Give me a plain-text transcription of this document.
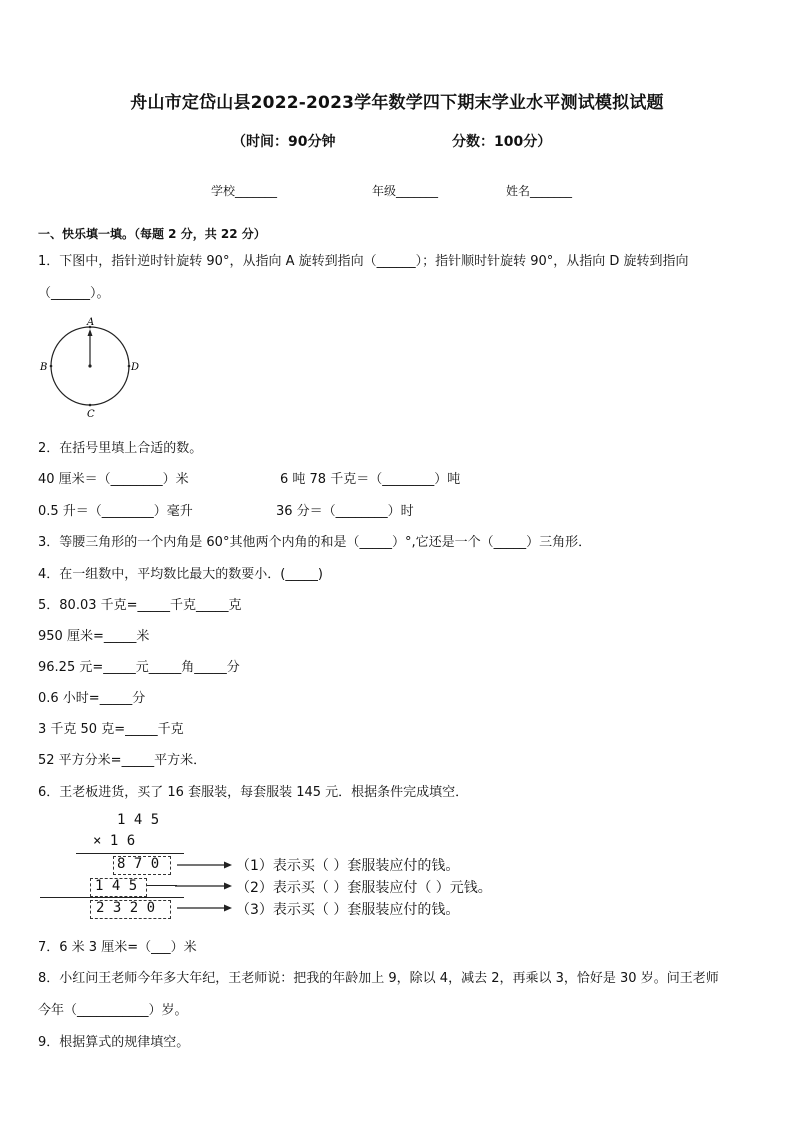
舟山市定岱山县2022-2023学年数学四下期末学业水平测试模拟试题
（时间：90分钟	分数：100分）
学校_______	年级_______	姓名_______
一、快乐填一填。（每题 2 分，共 22 分）
1．下图中，指针逆时针旋转 90°，从指向 A 旋转到指向（______）；指针顺时针旋转 90°，从指向 D 旋转到指向
（______）。
A
B
C
D
2．在括号里填上合适的数。
40 厘米＝（________）米	6 吨 78 千克＝（________）吨
0.5 升＝（________）毫升	36 分＝（________）时
3．等腰三角形的一个内角是 60°其他两个内角的和是（_____）°,它还是一个（_____）三角形．
4．在一组数中，平均数比最大的数要小．(_____)
5．80.03 千克=_____千克_____克
950 厘米=_____米
96.25 元=_____元_____角_____分
0.6 小时=_____分
3 千克 50 克=_____千克
52 平方分米=_____平方米．
6．王老板进货，买了 16 套服装，每套服装 145 元．根据条件完成填空．
1 4 5
× 1 6
8 7 0
1 4 5
2 3 2 0
（1）表示买（ ）套服装应付的钱。
（2）表示买（ ）套服装应付（ ）元钱。
（3）表示买（ ）套服装应付的钱。
7．6 米 3 厘米=（___）米
8．小红问王老师今年多大年纪，王老师说：把我的年龄加上 9，除以 4，减去 2，再乘以 3，恰好是 30 岁。问王老师
今年（___________）岁。
9．根据算式的规律填空。
